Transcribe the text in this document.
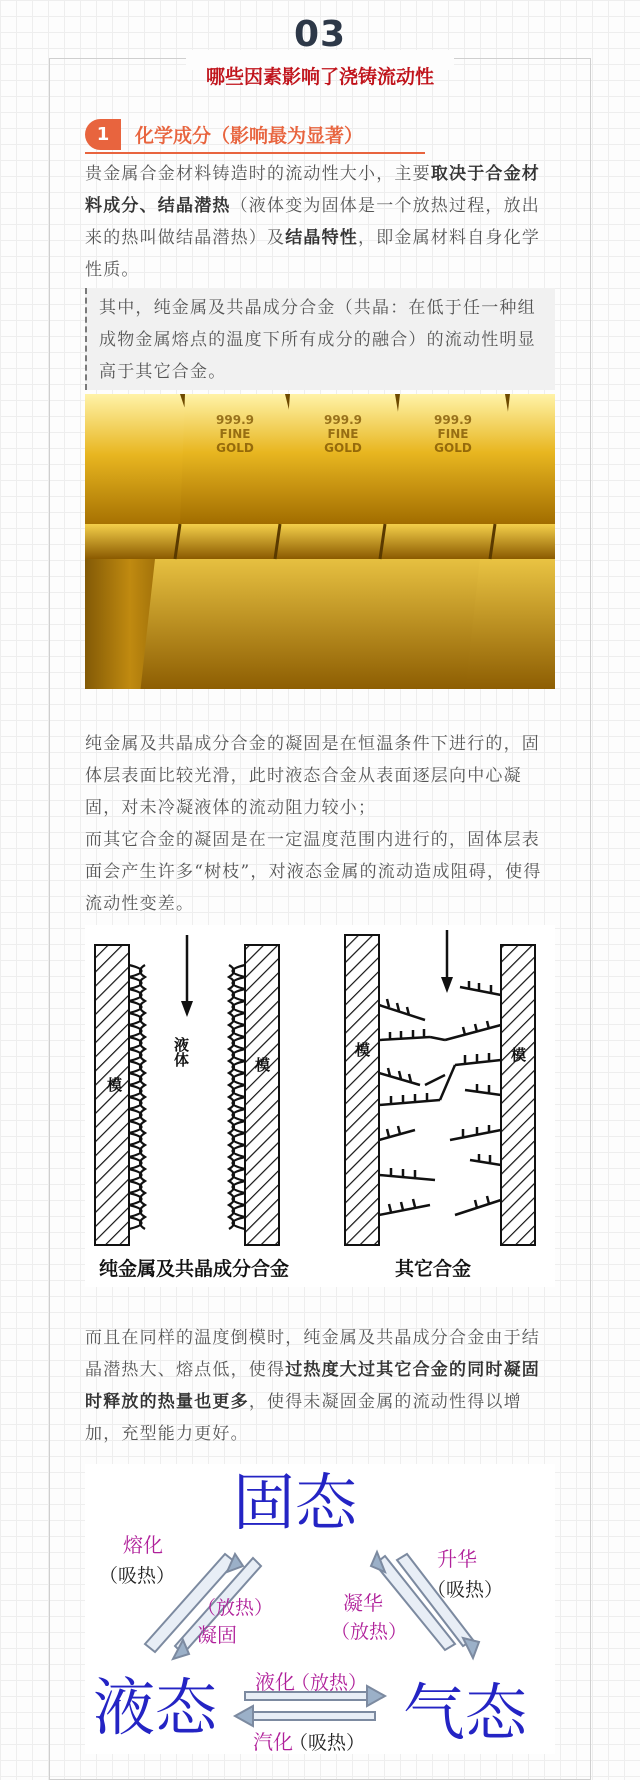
03
哪些因素影响了浇铸流动性
1	化学成分（影响最为显著）
贵金属合金材料铸造时的流动性大小，主要取决于合金材料成分、结晶潜热（液体变为固体是一个放热过程，放出来的热叫做结晶潜热）及结晶特性，即金属材料自身化学性质。
其中，纯金属及共晶成分合金（共晶：在低于任一种组成物金属熔点的温度下所有成分的融合）的流动性明显高于其它合金。
999.9
FINE
GOLD
999.9
FINE
GOLD
999.9
FINE
GOLD
纯金属及共晶成分合金的凝固是在恒温条件下进行的，固体层表面比较光滑，此时液态合金从表面逐层向中心凝固，对未冷凝液体的流动阻力较小；
而其它合金的凝固是在一定温度范围内进行的，固体层表面会产生许多“树枝”，对液态金属的流动造成阻碍，使得流动性变差。
模
模
模	模
液体
纯金属及共晶成分合金	其它合金
而且在同样的温度倒模时，纯金属及共晶成分合金由于结晶潜热大、熔点低，使得过热度大过其它合金的同时凝固时释放的热量也更多，使得未凝固金属的流动性得以增加，充型能力更好。
固态
液态	气态
熔化
凝固
升华
凝华
液化
汽化
（吸热）
（放热）
（吸热）
（放热）
（放热）
（吸热）
